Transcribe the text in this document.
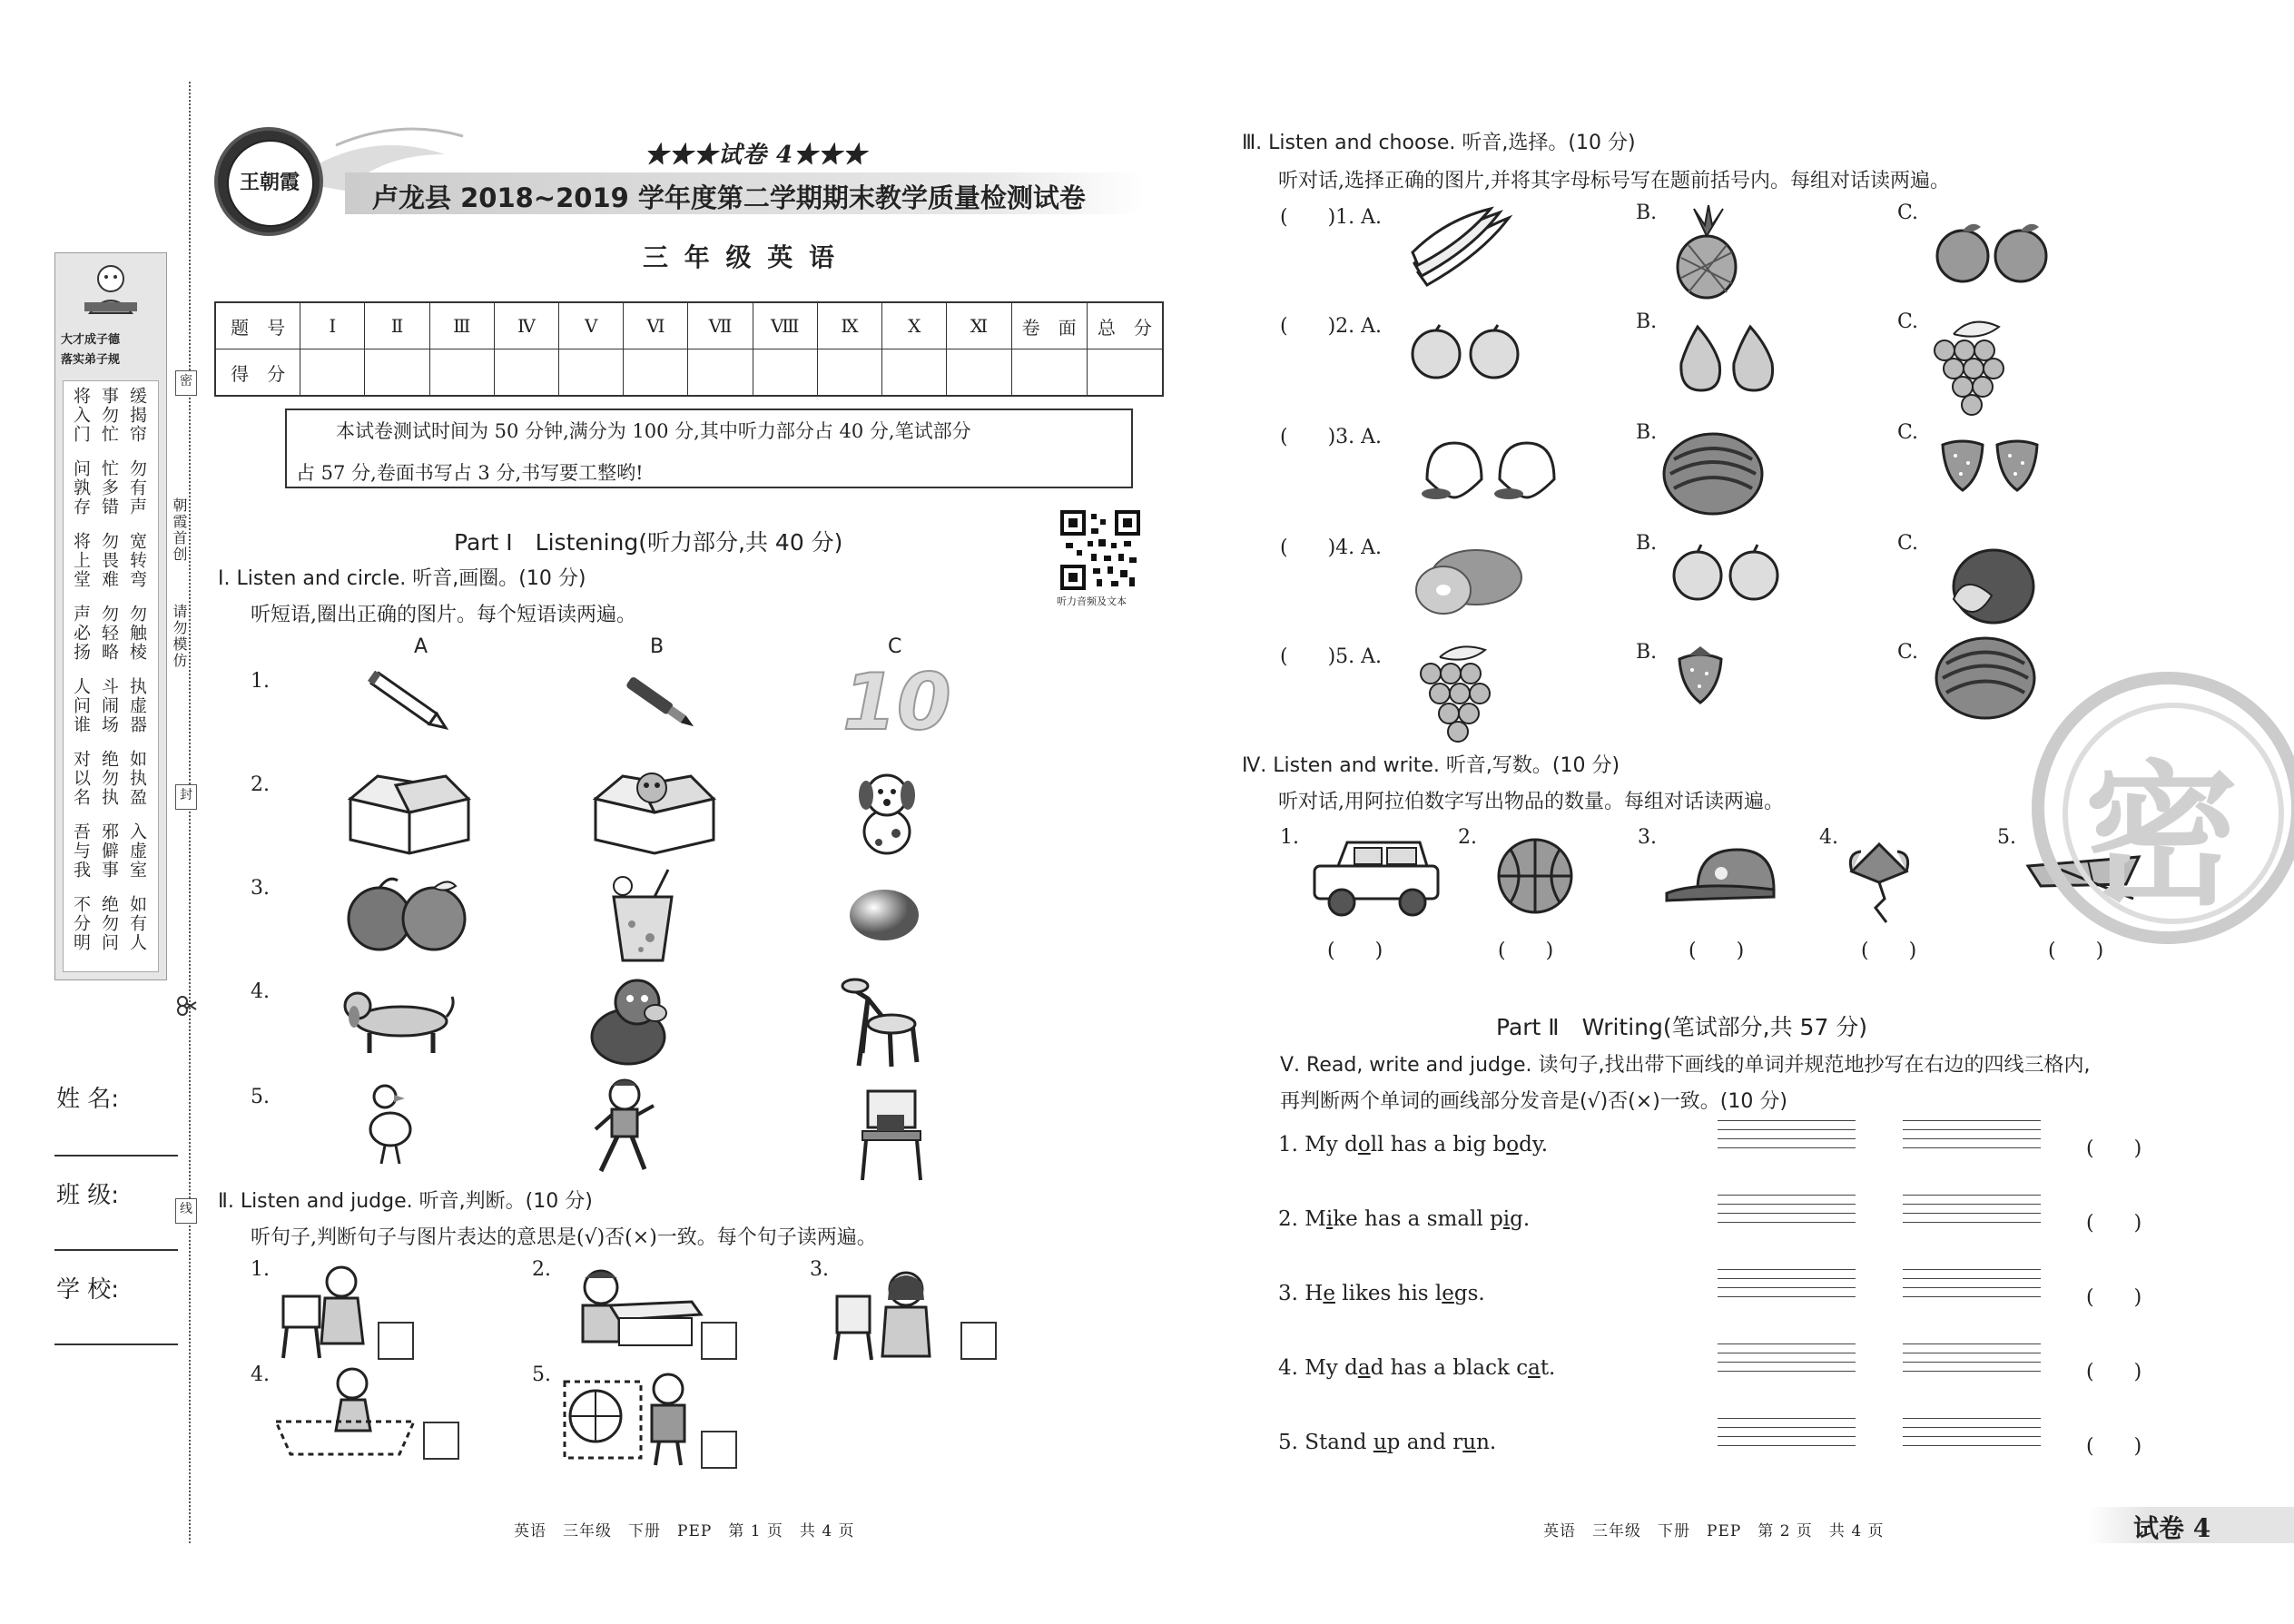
大才成子德
落实弟子规
缓揭帘
事勿忙
将入门
勿有声
忙多错
问孰存
宽转弯
勿畏难
将上堂
勿触棱
勿轻略
声必扬
执虚器
斗闹场
人问谁
如执盈
绝勿执
对以名
入虚室
邪僻事
吾与我
如有人
绝勿问
不分明
朝霞首创
请勿模仿
密
封
线
姓 名:
班 级:
学 校:
王朝霞
★★★试卷 4★★★
卢龙县 2018~2019 学年度第二学期期末教学质量检测试卷
三 年 级 英 语
题　号	Ⅰ	Ⅱ	Ⅲ	Ⅳ	Ⅴ	Ⅵ	Ⅶ	Ⅷ	Ⅸ	Ⅹ	Ⅺ	卷　面	总　分
得　分													
本试卷测试时间为 50 分钟,满分为 100 分,其中听力部分占 40 分,笔试部分
占 57 分,卷面书写占 3 分,书写要工整哟!
听力音频及文本
Part Ⅰ　Listening(听力部分,共 40 分)
Ⅰ. Listen and circle. 听音,画圈。(10 分)
听短语,圈出正确的图片。每个短语读两遍。
A	B	C
1.
2.
3.
4.
5.
10
Ⅱ. Listen and judge. 听音,判断。(10 分)
听句子,判断句子与图片表达的意思是(√)否(×)一致。每个句子读两遍。
1.	2.	3.
4.	5.
英语　三年级　下册　PEP　第 1 页　共 4 页
Ⅲ. Listen and choose. 听音,选择。(10 分)
听对话,选择正确的图片,并将其字母标号写在题前括号内。每组对话读两遍。
(　　)1. A.	B.	C.
(　　)2. A.	B.	C.
(　　)3. A.	B.	C.
(　　)4. A.	B.	C.
(　　)5. A.	B.	C.
Ⅳ. Listen and write. 听音,写数。(10 分)
听对话,用阿拉伯数字写出物品的数量。每组对话读两遍。
1.
(　　)
2.
(　　)
3.
(　　)
4.
(　　)
5.
(　　)
密
Part Ⅱ　Writing(笔试部分,共 57 分)
Ⅴ. Read, write and judge. 读句子,找出带下画线的单词并规范地抄写在右边的四线三格内,
再判断两个单词的画线部分发音是(√)否(×)一致。(10 分)
1. My doll has a big body.	(　　)
2. Mike has a small pig.	(　　)
3. He likes his legs.	(　　)
4. My dad has a black cat.	(　　)
5. Stand up and run.	(　　)
英语　三年级　下册　PEP　第 2 页　共 4 页	试卷 4
